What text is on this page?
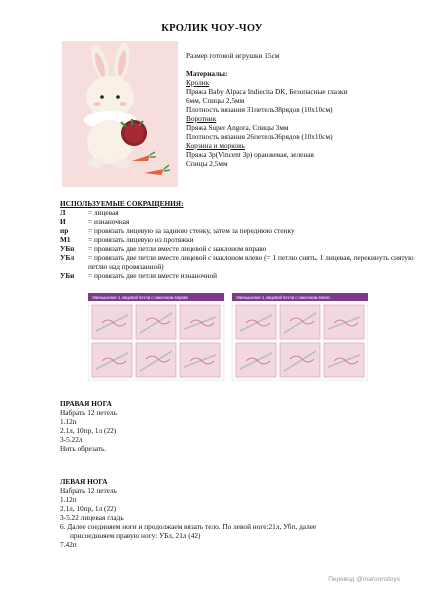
КРОЛИК ЧОУ-ЧОУ
Размер готовой игрушки 15см
Материалы:
Кролик
Пряжа Baby Alpaca Indiecita DK, Безопасные глазки
6мм, Спицы 2,5мм
Плотность вязания 31петель38рядов (10х10см)
Воротник
Пряжа Super Angora, Спицы 3мм
Плотность вязания 26петель36рядов (10х10см)
Корзина и морковь
Пряжа 3р(Vincent 3р) оранжевая, зеленая
Спицы 2,5мм
ИСПОЛЬЗУЕМЫЕ СОКРАЩЕНИЯ:
Л	= лицевая
И	= изнаночная
пр	= провязать лицевую за заднюю стенку, затем за переднюю стенку
М1	= провязать лицевую из протяжки
УБп	= провязать две петли вместе лицевой с наклоном вправо
УБл	= провязать две петли вместе лицевой с наклоном влево (= 1 петлю снять, 1 лицевая, перекинуть снятую петлю над провязанной)
УБи	= провязать две петли вместе изнаночной
Уменьшение 1 лицевой петли с наклоном вправо	Уменьшение 1 лицевой петли с наклоном влево
ПРАВАЯ НОГА
Набрать 12 петель
1.12п
2.1л, 10пр, 1л (22)
3-5.22л
Нить обрезать.
ЛЕВАЯ НОГА
Набрать 12 петель
1.12п
2.1л, 10пр, 1л (22)
3-5.22 лицевая гладь
6. Далее соединяем ноги и продолжаем вязать тело. По левой ноге:21л, Убп, далее
присоединяем правую ногу: УБл, 21л (42)
7.42п
Перевод @maroonstoys
